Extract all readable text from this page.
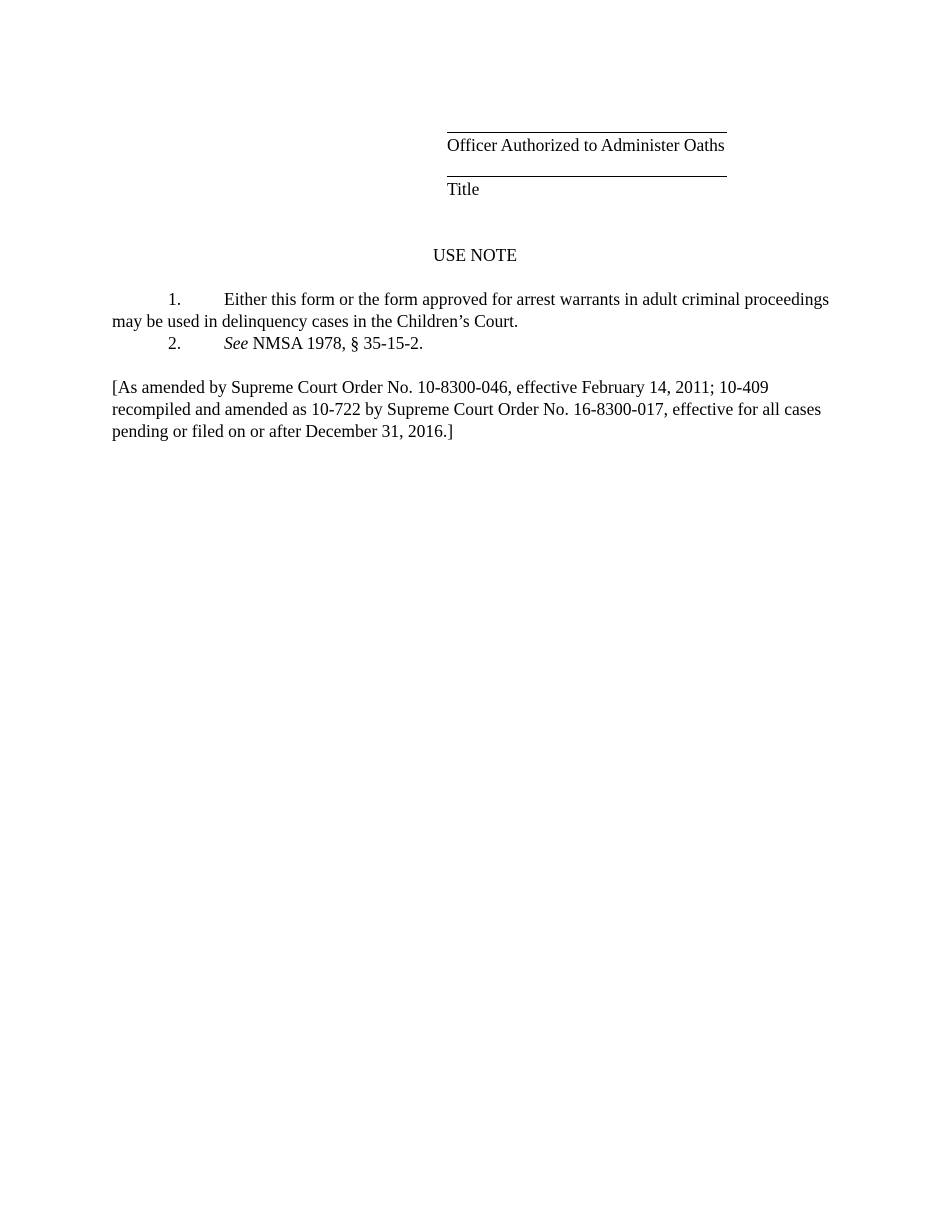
Officer Authorized to Administer Oaths
Title
USE NOTE

1. Either this form or the form approved for arrest warrants in adult criminal proceedings may be used in delinquency cases in the Children’s Court.

2. See NMSA 1978, § 35-15-2.

[As amended by Supreme Court Order No. 10-8300-046, effective February 14, 2011; 10-409 recompiled and amended as 10-722 by Supreme Court Order No. 16-8300-017, effective for all cases pending or filed on or after December 31, 2016.]
